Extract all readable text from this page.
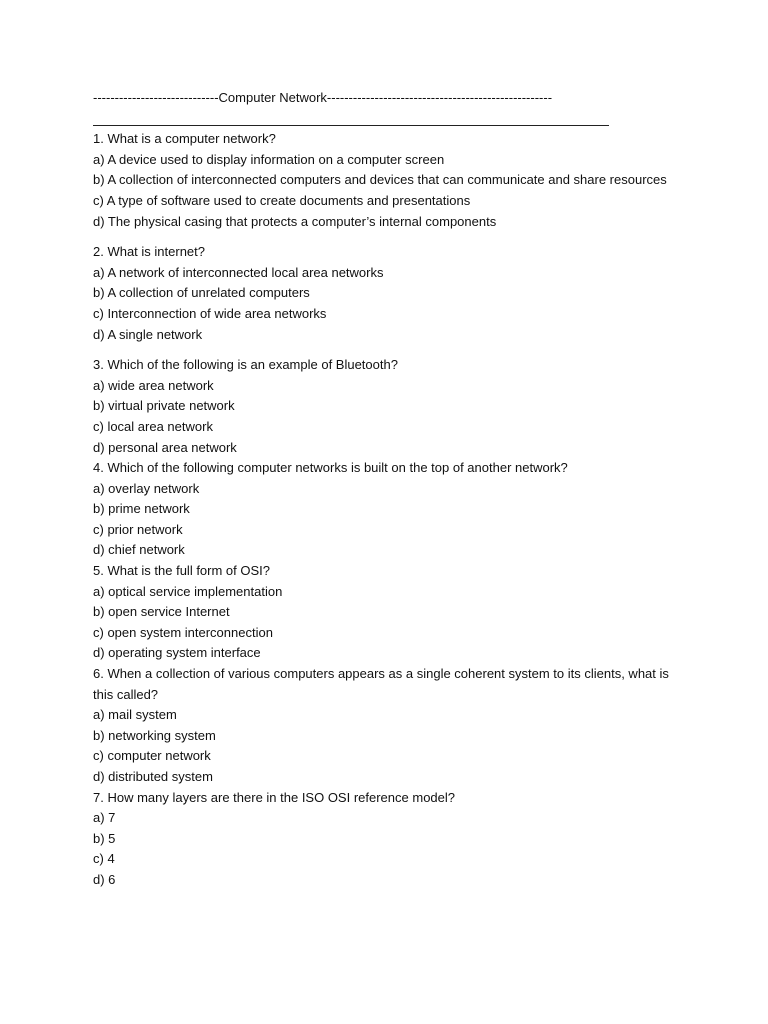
-----------------------------Computer Network----------------------------------------------------
1. What is a computer network?
a) A device used to display information on a computer screen
b) A collection of interconnected computers and devices that can communicate and share resources
c) A type of software used to create documents and presentations
d) The physical casing that protects a computer’s internal components
2. What is internet?
a) A network of interconnected local area networks
b) A collection of unrelated computers
c) Interconnection of wide area networks
d) A single network
3. Which of the following is an example of Bluetooth?
a) wide area network
b) virtual private network
c) local area network
d) personal area network
4. Which of the following computer networks is built on the top of another network?
a) overlay network
b) prime network
c) prior network
d) chief network
5. What is the full form of OSI?
a) optical service implementation
b) open service Internet
c) open system interconnection
d) operating system interface
6. When a collection of various computers appears as a single coherent system to its clients, what is this called?
a) mail system
b) networking system
c) computer network
d) distributed system
7. How many layers are there in the ISO OSI reference model?
a) 7
b) 5
c) 4
d) 6
